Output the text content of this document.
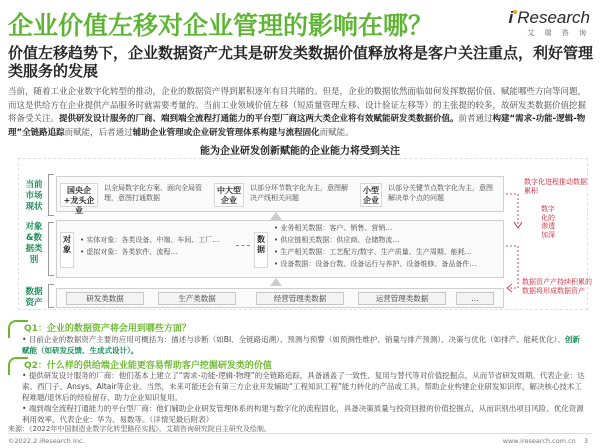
i Research
艾 瑞 咨 询
企业价值左移对企业管理的影响在哪？
价值左移趋势下，企业数据资产尤其是研发类数据价值释放将是客户关注重点，利好管理类服务的发展
当前，随着工业企业数字化转型的推动，企业的数据资产得到累积逐年有目共睹的。但是，企业的数据依然面临如何发挥数据价值、赋能哪些方向等问题，而这是供给方在企业提供产品服务时就需要考量的。当前工业领域价值左移（短质量管理左移、设计验证左移等）的主张提的较多，故研发类数据价值挖掘将备受关注。提供研发设计服务的厂商、端到端全流程打通能力的平台型厂商这两大类企业将有效赋能研发类数据价值。前者通过构建“需求-功能-逻辑-物理”全链路追踪而赋能，后者通过辅助企业管理或企业研发管理体系构建与流程固化而赋能。
能为企业研发创新赋能的企业能力将受到关注
当前市场现状
对象&数据类别
数据资产
国央企+龙头企业
以全局数字化方案、面向全局管理，意图打通数据
中大型企业
以部分环节数字化为主，意图解决产线相关问题
小型企业
以部分关键节点数字化为主，意图解决单个点的问题
对象
• 实体对象：各类设备、中端、车间、工厂…
• 虚拟对象：各类软件、流程…
数据
• 业务相关数据：客户、销售、营销…
• 供应链相关数据：供应商、仓储物流…
• 生产相关数据：工艺配方/数字、生产质量、生产周期、能耗…
• 设备数据：设备台数、设备运行与养护、设备维修、备品备件…
数字化进程推动数据累积
数字化的渗透加深
数据资产产持续积累的数据将形成数据资产
研发类数据	生产类数据	经营管理类数据	运营管理类数据	…
Q1：企业的数据资产将会用到哪些方面？
• 目前企业的数据资产主要的应用可概括为：描述与诊断（如BI、全链路追溯）、预测与预警（如预测性维护、销量与排产预测）、决策与优化（如排产、能耗优化）、创新赋能（如研发反馈、生成式设计）。
Q2：什么样的供给端企业能更容易帮助客户挖掘研发类的价值
• 提供研发设计服务的厂商：他们基本上建立了“需求-功能-逻辑-物理”的全链路追踪，具备涵盖了一致性、复用与替代等对价值挖掘点，从而节省研发周期。代表企业：达索、西门子、Ansys、Altair等企业。当然，未来可能还会有第三方企业开发辅助“工程知识工程”能力转化的产品或工具，帮助企业构建企业研发知识库，解决核心技术工程难题/退休后的经验留存、助力企业知识复用。
• 端到端全流程打通能力的平台型厂商：他们辅助企业研发管理体系的构建与数字化的流程固化，具备决策质量与投资回报的价值挖掘点，从而识别出项目风险、优化资源利用效率。代表企业：华为、易数等。（详情见最后附表）
来源：《2022年中国制造业数字化转型路径实践》，艾瑞咨询研究院自主研究及绘制。
©2022.2 iResearch Inc.	www.iresearch.com.cn 3
